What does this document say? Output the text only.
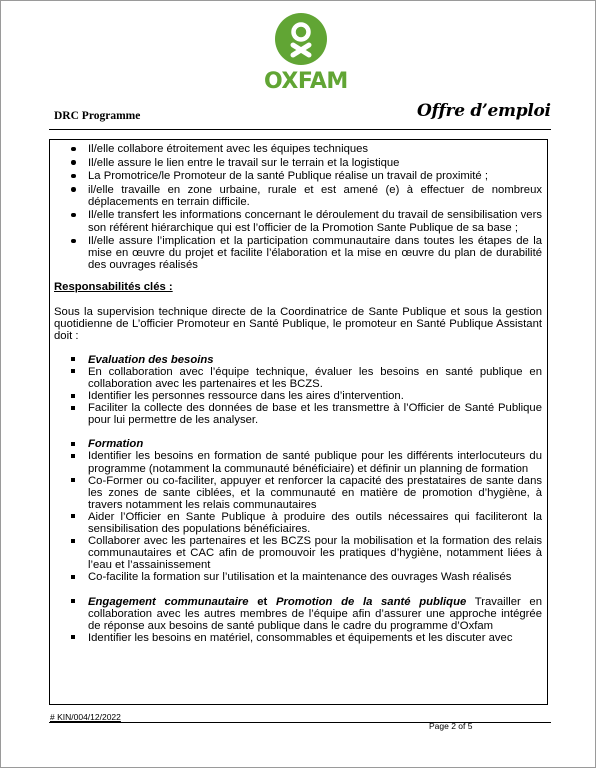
OXFAM
DRC Programme	Offre d’emploi
Il/elle collabore étroitement avec les équipes techniques
Il/elle assure le lien entre le travail sur le terrain et la logistique
La Promotrice/le Promoteur de la santé Publique réalise un travail de proximité ;
il/elle travaille en zone urbaine, rurale et est amené (e) à effectuer de nombreux déplacements en terrain difficile.
Il/elle transfert les informations concernant le déroulement du travail de sensibilisation vers son référent hiérarchique qui est l’officier de la Promotion Sante Publique de sa base ;
Il/elle assure l’implication et la participation communautaire dans toutes les étapes de la mise en œuvre du projet et facilite l’élaboration et la mise en œuvre du plan de durabilité des ouvrages réalisés
Responsabilités clés :
Sous la supervision technique directe de la Coordinatrice de Sante Publique et sous la gestion quotidienne de L’officier Promoteur en Santé Publique, le promoteur en Santé Publique Assistant doit :
Evaluation des besoins
En collaboration avec l’équipe technique, évaluer les besoins en santé publique en collaboration avec les partenaires et les BCZS.
Identifier les personnes ressource dans les aires d’intervention.
Faciliter la collecte des données de base et les transmettre à l’Officier de Santé Publique pour lui permettre de les analyser.
Formation
Identifier les besoins en formation de santé publique pour les différents interlocuteurs du programme (notamment la communauté bénéficiaire) et définir un planning de formation
Co-Former ou co-faciliter, appuyer et renforcer la capacité des prestataires de sante dans les zones de sante ciblées, et la communauté en matière de promotion d’hygiène, à travers notamment les relais communautaires
Aider l’Officier en Sante Publique à produire des outils nécessaires qui faciliteront la sensibilisation des populations bénéficiaires.
Collaborer avec les partenaires et les BCZS pour la mobilisation et la formation des relais communautaires et CAC afin de promouvoir les pratiques d’hygiène, notamment liées à l’eau et l’assainissement
Co-facilite la formation sur l’utilisation et la maintenance des ouvrages Wash réalisés
Engagement communautaire et Promotion de la santé publique Travailler en collaboration avec les autres membres de l’équipe afin d’assurer une approche intégrée de réponse aux besoins de santé publique dans le cadre du programme d’Oxfam
Identifier les besoins en matériel, consommables et équipements et les discuter avec
# KIN/004/12/2022
Page 2 of 5
